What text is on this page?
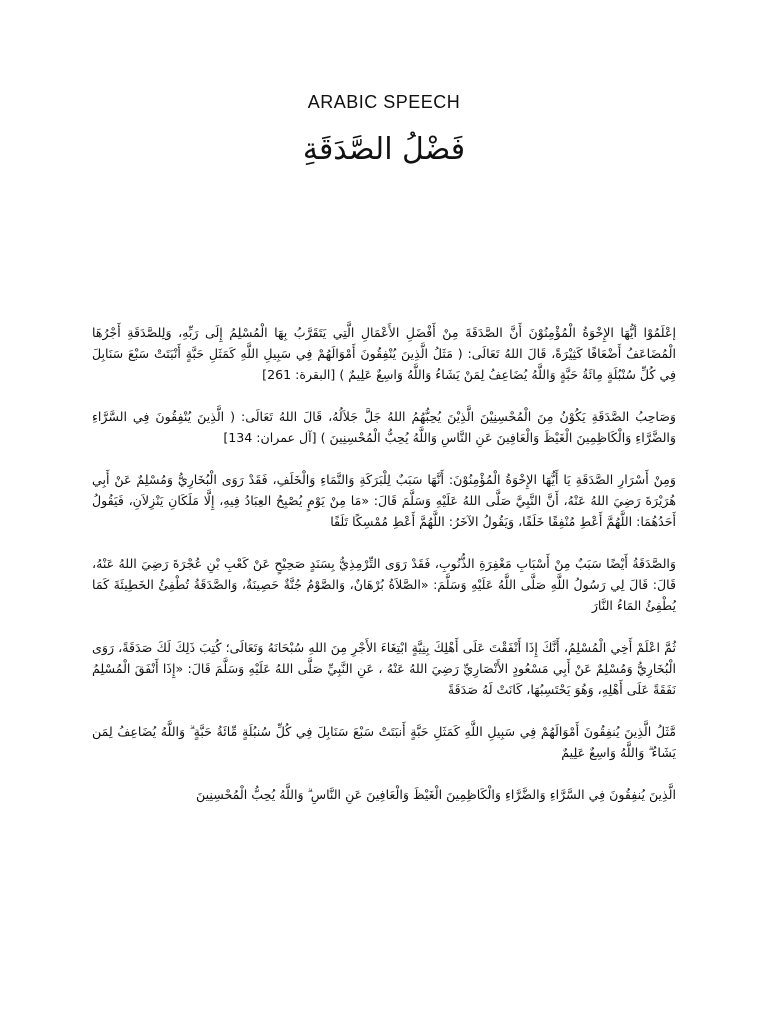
ARABIC SPEECH
فَضْلُ الصَّدَقَةِ

إعْلَمُوْا أيُّهَا الإِخْوَةُ الْمُؤْمِنُوْنَ أَنَّ الصَّدَقَةَ مِنْ أَفْضَلِ الأَعْمَالِ الَّتِي يَتَقَرَّبُ بِهَا الْمُسْلِمُ إِلَى رَبِّهِ، وَلِلصَّدَقَةِ أَجْرُهَا الْمُضَاعَفُ أَضْعَافًا كَثِيْرَةً، قَالَ اللهُ تَعَالَى: ( مَثَلُ الَّذِينَ يُنْفِقُونَ أَمْوَالَهُمْ فِي سَبِيلِ اللَّهِ كَمَثَلِ حَبَّةٍ أَنْبَتَتْ سَبْعَ سَنَابِلَ فِي كُلِّ سُنْبُلَةٍ مِائَةُ حَبَّةٍ وَاللَّهُ يُضَاعِفُ لِمَنْ يَشَاءُ وَاللَّهُ وَاسِعٌ عَلِيمٌ ) [البقرة: 261]

وَصَاحِبُ الصَّدَقَةِ يَكُوْنُ مِنَ الْمُحْسِنِيْنَ الَّذِيْنَ يُحِبُّهُمُ اللهُ جَلَّ جَلاَلُهُ، قَالَ اللهُ تَعَالَى: ( الَّذِينَ يُنْفِقُونَ فِي السَّرَّاءِ وَالضَّرَّاءِ وَالْكَاظِمِينَ الْغَيْظَ وَالْعَافِينَ عَنِ النَّاسِ وَاللَّهُ يُحِبُّ الْمُحْسِنِينَ ) [آل عمران: 134]

وَمِنْ أَسْرَارِ الصَّدَقَةِ يَا أَيُّهَا الإِخْوَةُ الْمُؤْمِنُوْنَ: أَنَّهَا سَبَبٌ لِلْبَرَكَةِ وَالنَّمَاءِ وَالْخَلَفِ، فَقَدْ رَوَى الْبُخَارِيُّ وَمُسْلِمٌ عَنْ أَبِي هُرَيْرَةَ رَضِيَ اللهُ عَنْهُ، أَنَّ النَّبِيَّ صَلَّى اللهُ عَلَيْهِ وَسَلَّمَ قَالَ: «مَا مِنْ يَوْمٍ يُصْبِحُ العِبَادُ فِيهِ، إِلَّا مَلَكَانِ يَنْزِلاَنِ، فَيَقُولُ أَحَدُهُمَا: اللَّهُمَّ أَعْطِ مُنْفِقًا خَلَفًا، وَيَقُولُ الآخَرُ: اللَّهُمَّ أَعْطِ مُمْسِكًا تَلَفًا

وَالصَّدَقَةُ أَيْضًا سَبَبٌ مِنْ أَسْبَابِ مَغْفِرَةِ الذُّنُوبِ، فَقَدْ رَوَى التِّرْمِذِيُّ بِسَنَدٍ صَحِيْحٍ عَنْ كَعْبِ بْنِ عُجْرَةَ رَضِيَ اللهُ عَنْهُ، قَالَ: قَالَ لِي رَسُولُ اللَّهِ صَلَّى اللَّهُ عَلَيْهِ وَسَلَّمَ: «الصَّلاَةُ بُرْهَانٌ، وَالصَّوْمُ جُنَّةٌ حَصِينَةٌ، وَالصَّدَقَةُ تُطْفِئُ الخَطِيئَةَ كَمَا يُطْفِئُ المَاءُ النَّارَ

ثُمَّ اعْلَمْ أَخِي الْمُسْلِمُ، أَنَّكَ إِذَا أَنْفَقْتَ عَلَى أَهْلِكَ بِنِيَّةٍ ابْتِغَاءَ الأَجْرِ مِنَ اللهِ سُبْحَانَهُ وَتَعَالَى؛ كُتِبَ ذَلِكَ لَكَ صَدَقَةً، رَوَى الْبُخَارِيُّ وَمُسْلِمٌ عَنْ أَبِي مَسْعُودٍ الأَنْصَارِيِّ رَضِيَ اللهُ عَنْهُ ، عَنِ النَّبِيِّ صَلَّى اللهُ عَلَيْهِ وَسَلَّمَ قَالَ: «إِذَا أَنْفَقَ الْمُسْلِمُ نَفَقَةً عَلَى أَهْلِهِ، وَهُوَ يَحْتَسِبُهَا، كَانَتْ لَهُ صَدَقَةً

مَّثَلُ الَّذِينَ يُنفِقُونَ أَمْوَالَهُمْ فِي سَبِيلِ اللَّهِ كَمَثَلِ حَبَّةٍ أَنبَتَتْ سَبْعَ سَنَابِلَ فِي كُلِّ سُنبُلَةٍ مِّائَةُ حَبَّةٍ ۗ وَاللَّهُ يُضَاعِفُ لِمَن يَشَاءُ ۗ وَاللَّهُ وَاسِعٌ عَلِيمٌ

الَّذِينَ يُنفِقُونَ فِي السَّرَّاءِ وَالضَّرَّاءِ وَالْكَاظِمِينَ الْغَيْظَ وَالْعَافِينَ عَنِ النَّاسِ ۗ وَاللَّهُ يُحِبُّ الْمُحْسِنِينَ
